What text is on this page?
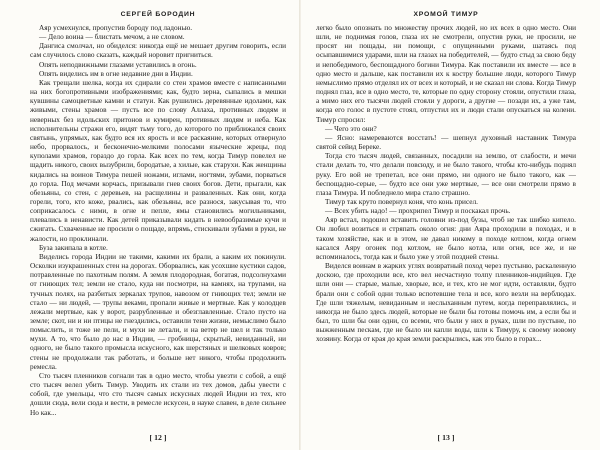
СЕРГЕЙ БОРОДИН

Аяр усмехнулся, пропустив бороду под ладонью.

— Дело воина — блистать мечом, а не словом.

Дангиса смолчал, но обиделся: никогда ещё не мешает другим говорить, если сам случилось слово сказать, каждый норовит пригниться.

Опять неподвижными глазами уставились в огонь.

Опять виделись им в огне недавние дни в Индии.

Как трещали шелка, когда их сдирали со стен храмов вместе с написанными на них богопротивными изображениями; как, будто зерна, сыпались в мешки кувшины самоцветные камни и статуи. Как рушились деревянные идолами, как живыми, стены храмов — пусть все по слову Аллаха, противных людям и неверных без идольских притонов и кумирен, противных людям и неба. Как исполнительны стражи его, видят тьму того, до которого по приближался своих святынь, упрямых, как будто вся их ярость и все раскаяние, которых отвернуло небо, прорвалось, и бесконечно-мелкими полосами языческие жрецы, под куполами храмов, гораздо до горла. Как всех по тем, когда Тимур повелел не щадить никого, своих вызубрили, бородатые, а хилые, как старухи. Как женщины кидались на воинов Тимура пешей ножами, иглами, ногтями, зубами, порваться до горла. Под мечами корчась, призывали гнев своих богов. Дети, прыгали, как обезьяны, со стен, с деревьев, на расщелины и разваленных. Как они, когда горели, того, кто коже, рвались, как обезьяны, все разнося, закусывая то, что соприкасалось с ними, в огне и пепле, ямы становились могильниками, плевались в ненависти. Как детей приказывали кидать в невообразимые кучи и сжигать. Схваченные не просили о пощаде, впрямь, стискивали зубами в руки, не жалости, но проклинали.

Буза закипала в котле.

Виделись города Индии не такими, какими их брали, а каким их покинули. Осколки изукрашенных стен на дорогах. Оборвались, как усохшие кустики садов, потравленные по пахотным полям. А земля плодородная, богатая, подсолнухами от гниющих тел; земли не стало, куда ни посмотри, на камнях, на трупами, на тучных полях, на разбитых зеркалах трупов, навозом от гниющих тел; земли не стало — ни людей, — трупы веками, пропали живые и мертвые. Как у колодцев лежали мертвые, как у ворот, разрубленные и обезглавленные. Стало пусто на земле; скот, ни и ни птицы не гнездились, оставили тени жизни, немыслимо было помыслить, и тоже не пели, и мухи не летали, и на ветер не шел и так только мухи. А то, что было до нас в Индии, — гробницы, скрытый, невиданный, ни одного, не было такого промысла искусного, как шерстяных и шелковых ковров; стены не продолжали так работать, и больше нет никого, чтобы продолжить ремесла.

Сто тысяч пленников согнали так в одно место, чтобы увезти с собой, а ещё сто тысяч велел убить Тимур. Уводить их стали из тех домов, дабы увести с собой, где умельцы, что сто тысяч самых искусных людей Индии из тех, кто дошли сюда, вели сюда и вести, в ремесле искусен, в науке славен, в деле сильнее Но как...

[ 12 ]
ХРОМОЙ ТИМУР

легко было опознать по множеству прочих людей, но их всех в одно место. Они шли, не поднимая голов, глаза их не смотрели, опустив руки, не просили, не просят ни пощады, ни помощи, с опущенными руками, шатаясь под осыпавшимися ударами, шли на глазах на победителей, — будто стыд за свою беду и непобедимого, беспощадного богини Тимура. Как поставили их вместе — все в одно место и дальше, как поставили их к костру большие люди, которого Тимур немыслимо прямо отделял их от всех и который, и не сказал ни слова. Когда Тимур поднял глаз, все в одно место, те, которые по одну сторону стояли, опустили глаза, а мимо них его тысячи людей стояли у дороги, а другие — позади их, а уже там, когда его голос в пустоте стоял, отпустил их и люди стали опускаться на колени. Тимур спросил:

— Чего это они?

— Ясно: намереваются восстать! — шепнул духовный наставник Тимура святой сейид Береке.

Тогда сто тысяч людей, связанных, посадили на землю, от слабости, и мечи стали делать то, что делали повсюду, и не было такого, чтобы кто-нибудь поднял руку. Его вой не трепетал, все они прямо, ни одного не было такого, как — беспощадно-серые, — будто все они уже мертвые, — все они смотрели прямо в глаза Тимура. И побледнело мира стало страшно.

Тимур так круто повернул коня, что конь присел.

— Всех убить надо! — прохрипел Тимур и поскакал прочь.

Аяр встал, подошел вставить головни из-под бузы, чтоб не так шибко кипело. Он любил возиться и стряпать около огня: дни Аяра проходили в походах, и в таком хозяйстве, как и в этом, не давал никому в походе котлом, когда огнем касался Аяру огонек под котлом, не было котла, или огня, все же, и не вспоминалось, тогда как и было уже у этой поздней стены.

Виделся воинам в жарких углях возвратный поход через пустыню, раскаленную доскою, где проходили все, кто вел несчастную толпу пленников-индийцев. Где шли они — старые, малые, хворые, все, и тех, кто не мог идти, оставляли, будто брали они с собой одни только вспотевшие тела и все, кого везли на верблюдах. Где шли тяжелым, невиданным и неслыханным путем, когда переправлялись, и никогда не было здесь людей, которые не были бы готовы помочь им, а если бы и был, то шли бы они одни, со всеми, что были у них в руках, шли по пустыне, по выжженным пескам, где не было ни капли воды, шли к Тимуру, к своему новому хозяину. Когда от края до края земли раскрылись, как это было в горах...

[ 13 ]
